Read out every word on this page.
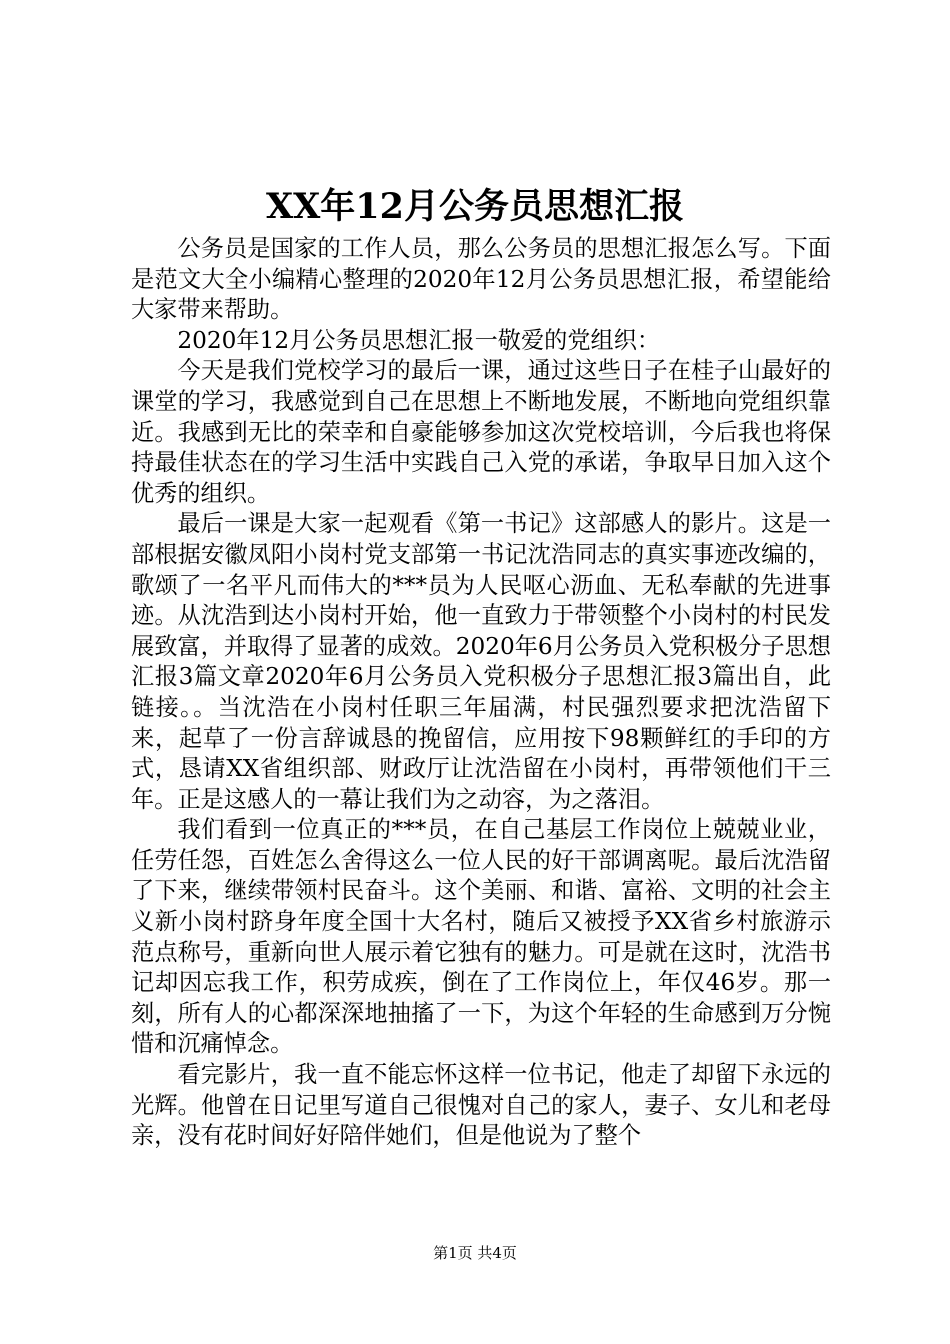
XX年12月公务员思想汇报

公务员是国家的工作人员，那么公务员的思想汇报怎么写。下面是范文大全小编精心整理的2020年12月公务员思想汇报，希望能给大家带来帮助。

2020年12月公务员思想汇报一敬爱的党组织：

今天是我们党校学习的最后一课，通过这些日子在桂子山最好的课堂的学习，我感觉到自己在思想上不断地发展，不断地向党组织靠近。我感到无比的荣幸和自豪能够参加这次党校培训，今后我也将保持最佳状态在的学习生活中实践自己入党的承诺，争取早日加入这个优秀的组织。

最后一课是大家一起观看《第一书记》这部感人的影片。这是一部根据安徽凤阳小岗村党支部第一书记沈浩同志的真实事迹改编的，歌颂了一名平凡而伟大的***员为人民呕心沥血、无私奉献的先进事迹。从沈浩到达小岗村开始，他一直致力于带领整个小岗村的村民发展致富，并取得了显著的成效。2020年6月公务员入党积极分子思想汇报3篇文章2020年6月公务员入党积极分子思想汇报3篇出自，此链接。。当沈浩在小岗村任职三年届满，村民强烈要求把沈浩留下来，起草了一份言辞诚恳的挽留信，应用按下98颗鲜红的手印的方式，恳请XX省组织部、财政厅让沈浩留在小岗村，再带领他们干三年。正是这感人的一幕让我们为之动容，为之落泪。

我们看到一位真正的***员，在自己基层工作岗位上兢兢业业，任劳任怨，百姓怎么舍得这么一位人民的好干部调离呢。最后沈浩留了下来，继续带领村民奋斗。这个美丽、和谐、富裕、文明的社会主义新小岗村跻身年度全国十大名村，随后又被授予XX省乡村旅游示范点称号，重新向世人展示着它独有的魅力。可是就在这时，沈浩书记却因忘我工作，积劳成疾，倒在了工作岗位上，年仅46岁。那一刻，所有人的心都深深地抽搐了一下，为这个年轻的生命感到万分惋惜和沉痛悼念。

看完影片，我一直不能忘怀这样一位书记，他走了却留下永远的光辉。他曾在日记里写道自己很愧对自己的家人，妻子、女儿和老母亲，没有花时间好好陪伴她们，但是他说为了整个

第1页 共4页
